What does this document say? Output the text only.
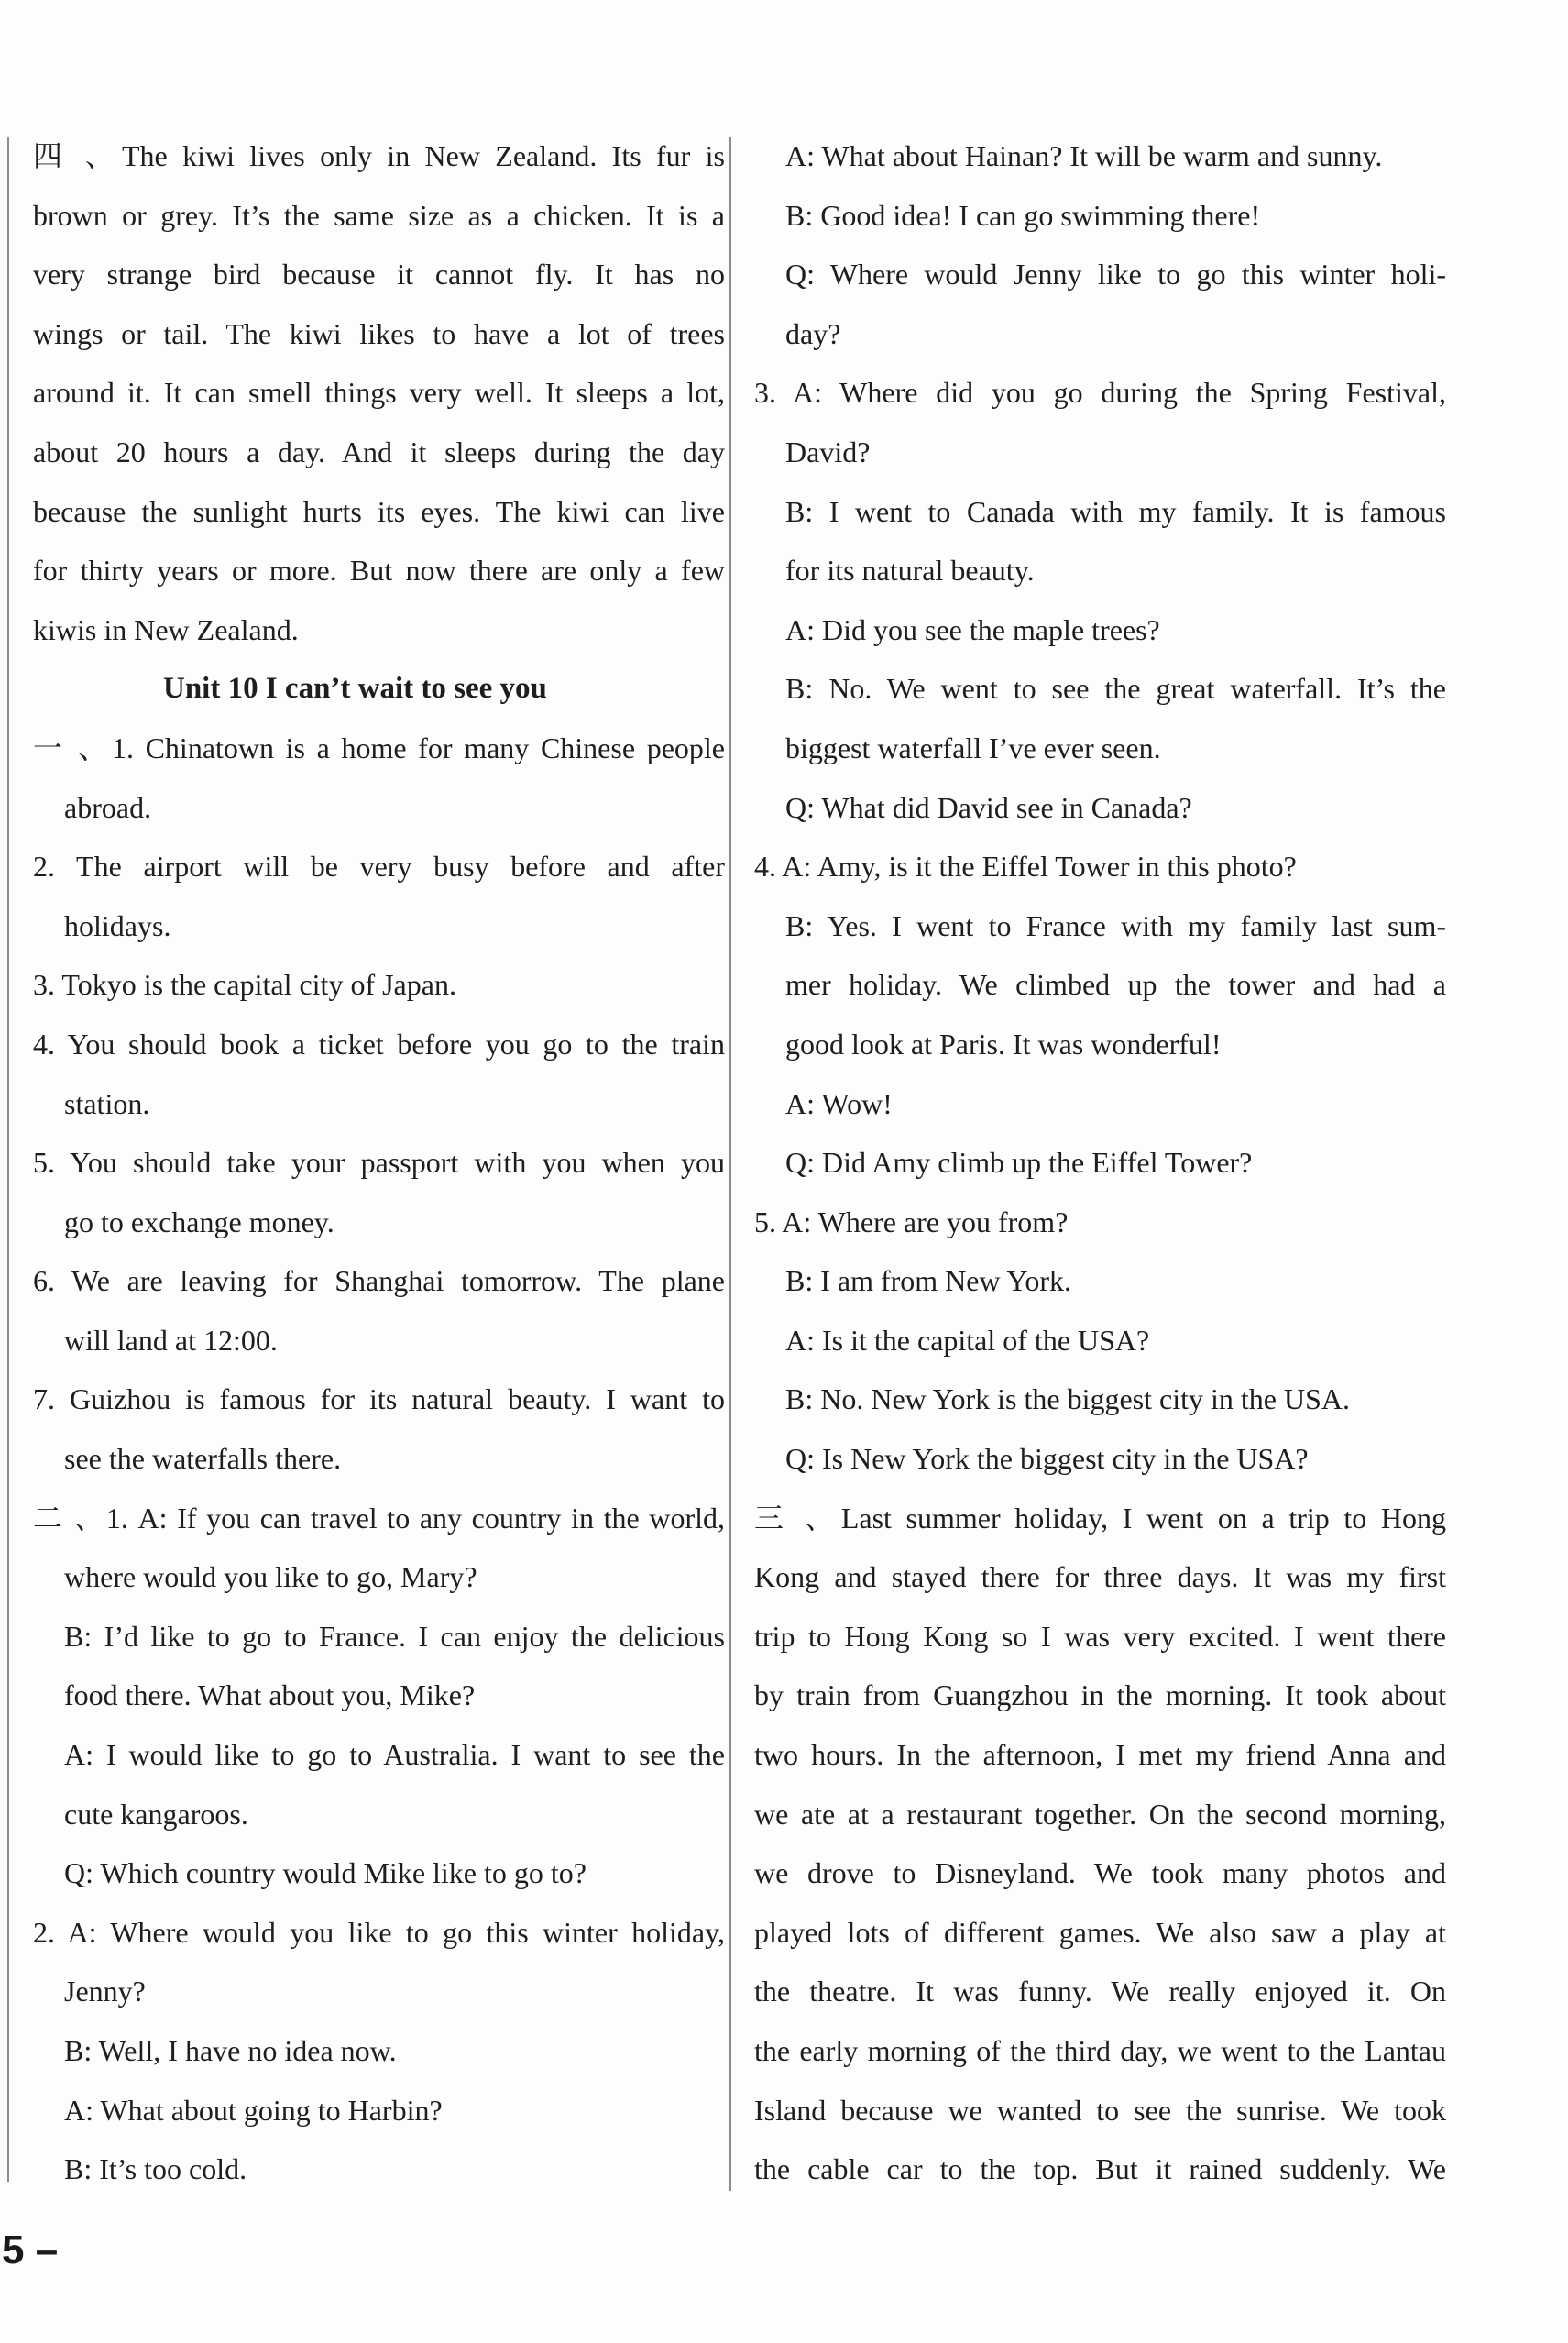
四 、The kiwi lives only in New Zealand. Its fur is
brown or grey. It’s the same size as a chicken. It is a
very strange bird because it cannot fly. It has no
wings or tail. The kiwi likes to have a lot of trees
around it. It can smell things very well. It sleeps a lot,
about 20 hours a day. And it sleeps during the day
because the sunlight hurts its eyes. The kiwi can live
for thirty years or more. But now there are only a few
kiwis in New Zealand.
Unit 10 I can’t wait to see you
一 、1. Chinatown is a home for many Chinese people
abroad.
2. The airport will be very busy before and after
holidays.
3. Tokyo is the capital city of Japan.
4. You should book a ticket before you go to the train
station.
5. You should take your passport with you when you
go to exchange money.
6. We are leaving for Shanghai tomorrow. The plane
will land at 12:00.
7. Guizhou is famous for its natural beauty. I want to
see the waterfalls there.
二 、1. A: If you can travel to any country in the world,
where would you like to go, Mary?
B: I’d like to go to France. I can enjoy the delicious
food there. What about you, Mike?
A: I would like to go to Australia. I want to see the
cute kangaroos.
Q: Which country would Mike like to go to?
2. A: Where would you like to go this winter holiday,
Jenny?
B: Well, I have no idea now.
A: What about going to Harbin?
B: It’s too cold.
A: What about Hainan? It will be warm and sunny.
B: Good idea! I can go swimming there!
Q: Where would Jenny like to go this winter holi-
day?
3. A: Where did you go during the Spring Festival,
David?
B: I went to Canada with my family. It is famous
for its natural beauty.
A: Did you see the maple trees?
B: No. We went to see the great waterfall. It’s the
biggest waterfall I’ve ever seen.
Q: What did David see in Canada?
4. A: Amy, is it the Eiffel Tower in this photo?
B: Yes. I went to France with my family last sum-
mer holiday. We climbed up the tower and had a
good look at Paris. It was wonderful!
A: Wow!
Q: Did Amy climb up the Eiffel Tower?
5. A: Where are you from?
B: I am from New York.
A: Is it the capital of the USA?
B: No. New York is the biggest city in the USA.
Q: Is New York the biggest city in the USA?
三 、Last summer holiday, I went on a trip to Hong
Kong and stayed there for three days. It was my first
trip to Hong Kong so I was very excited. I went there
by train from Guangzhou in the morning. It took about
two hours. In the afternoon, I met my friend Anna and
we ate at a restaurant together. On the second morning,
we drove to Disneyland. We took many photos and
played lots of different games. We also saw a play at
the theatre. It was funny. We really enjoyed it. On
the early morning of the third day, we went to the Lantau
Island because we wanted to see the sunrise. We took
the cable car to the top. But it rained suddenly. We
5 –
